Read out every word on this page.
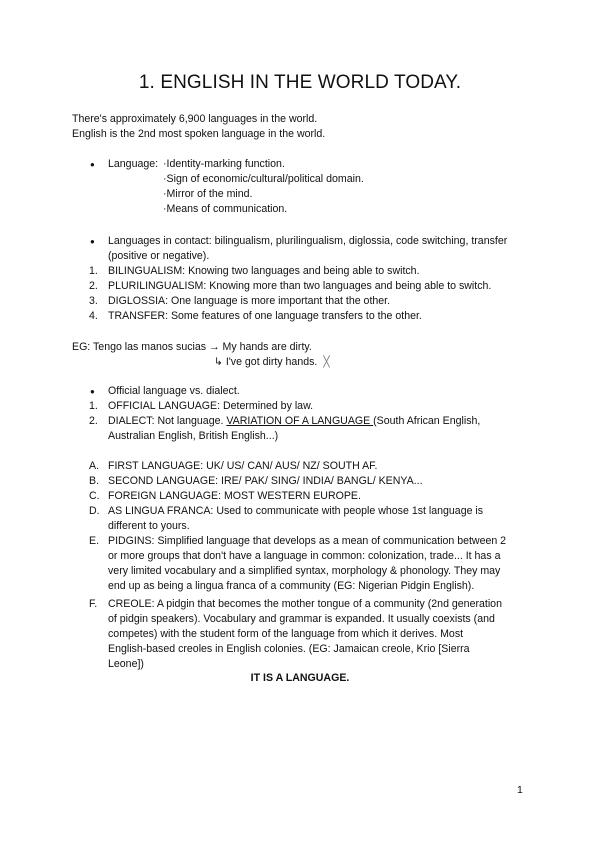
1. ENGLISH IN THE WORLD TODAY.
There's approximately 6,900 languages in the world.
English is the 2nd most spoken language in the world.
● Language: ·Identity-marking function.
·Sign of economic/cultural/political domain.
·Mirror of the mind.
·Means of communication.
● Languages in contact: bilingualism, plurilingualism, diglossia, code switching, transfer
(positive or negative).
1. BILINGUALISM: Knowing two languages and being able to switch.
2. PLURILINGUALISM: Knowing more than two languages and being able to switch.
3. DIGLOSSIA: One language is more important that the other.
4. TRANSFER: Some features of one language transfers to the other.
EG: Tengo las manos sucias → My hands are dirty.
↳ I've got dirty hands. ╳
● Official language vs. dialect.
1. OFFICIAL LANGUAGE: Determined by law.
2. DIALECT: Not language. VARIATION OF A LANGUAGE (South African English,
Australian English, British English...)
A. FIRST LANGUAGE: UK/ US/ CAN/ AUS/ NZ/ SOUTH AF.
B. SECOND LANGUAGE: IRE/ PAK/ SING/ INDIA/ BANGL/ KENYA...
C. FOREIGN LANGUAGE: MOST WESTERN EUROPE.
D. AS LINGUA FRANCA: Used to communicate with people whose 1st language is
different to yours.
E. PIDGINS: Simplified language that develops as a mean of communication between 2
or more groups that don't have a language in common: colonization, trade... It has a
very limited vocabulary and a simplified syntax, morphology & phonology. They may
end up as being a lingua franca of a community (EG: Nigerian Pidgin English).
F. CREOLE: A pidgin that becomes the mother tongue of a community (2nd generation
of pidgin speakers). Vocabulary and grammar is expanded. It usually coexists (and
competes) with the student form of the language from which it derives. Most
English-based creoles in English colonies. (EG: Jamaican creole, Krio [Sierra
Leone])
IT IS A LANGUAGE.
1
